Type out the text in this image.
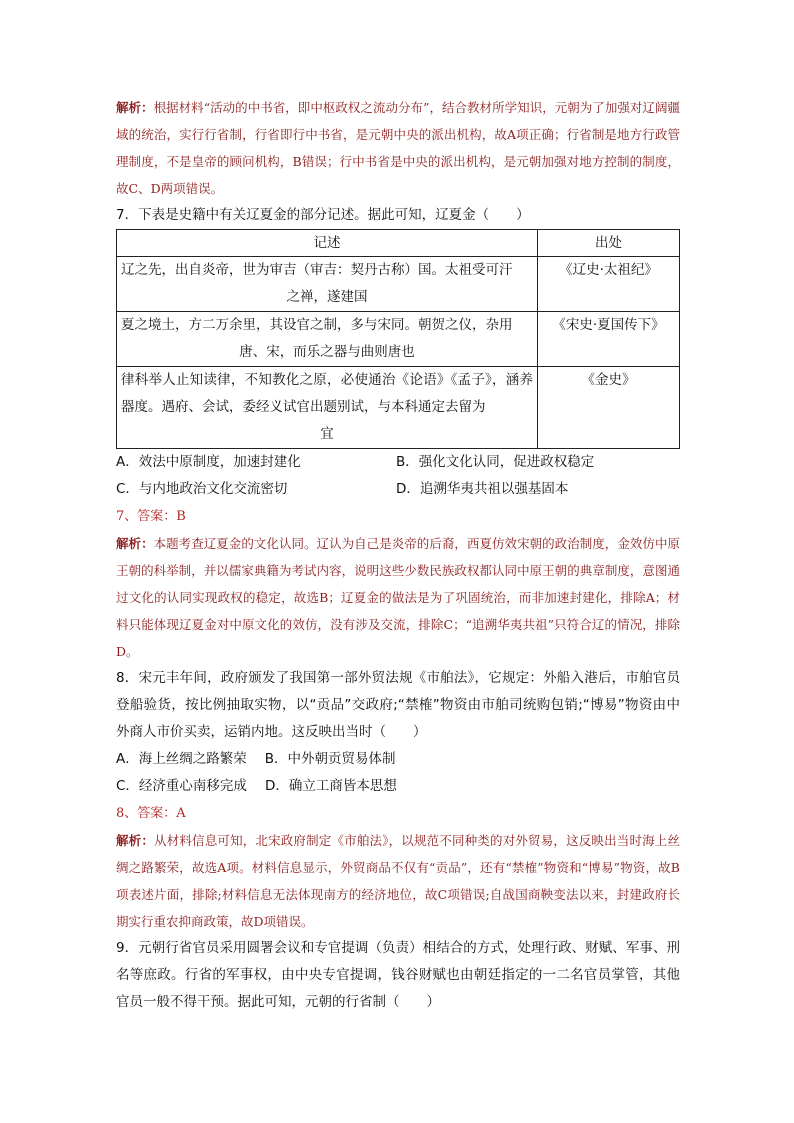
解析：根据材料“活动的中书省，即中枢政权之流动分布”，结合教材所学知识，元朝为了加强对辽阔疆域的统治，实行行省制，行省即行中书省，是元朝中央的派出机构，故A项正确；行省制是地方行政管理制度，不是皇帝的顾问机构，B错误；行中书省是中央的派出机构，是元朝加强对地方控制的制度，故C、D两项错误。

7．下表是史籍中有关辽夏金的部分记述。据此可知，辽夏金（　　）

记述	出处
辽之先，出自炎帝，世为审吉（审吉：契丹古称）国。太祖受可汗
之禅，遂建国	《辽史·太祖纪》
夏之境土，方二万余里，其设官之制，多与宋同。朝贺之仪，杂用
唐、宋，而乐之器与曲则唐也	《宋史·夏国传下》
律科举人止知读律，不知教化之原，必使通治《论语》《孟子》，涵养器度。遇府、会试，委经义试官出题别试，与本科通定去留为
宜	《金史》
A．效法中原制度，加速封建化	B．强化文化认同，促进政权稳定
C．与内地政治文化交流密切	D．追溯华夷共祖以强基固本

7、答案：B

解析：本题考查辽夏金的文化认同。辽认为自己是炎帝的后裔，西夏仿效宋朝的政治制度，金效仿中原王朝的科举制，并以儒家典籍为考试内容，说明这些少数民族政权都认同中原王朝的典章制度，意图通过文化的认同实现政权的稳定，故选B；辽夏金的做法是为了巩固统治，而非加速封建化，排除A；材料只能体现辽夏金对中原文化的效仿，没有涉及交流，排除C；“追溯华夷共祖”只符合辽的情况，排除D。

8．宋元丰年间，政府颁发了我国第一部外贸法规《市舶法》，它规定：外船入港后，市舶官员登船验货，按比例抽取实物，以“贡品”交政府;“禁榷”物资由市舶司统购包销;“博易”物资由中外商人市价买卖，运销内地。这反映出当时（　　）

A．海上丝绸之路繁荣 B．中外朝贡贸易体制
C．经济重心南移完成 D．确立工商皆本思想

8、答案：A

解析：从材料信息可知，北宋政府制定《市舶法》，以规范不同种类的对外贸易，这反映出当时海上丝绸之路繁荣，故选A项。材料信息显示，外贸商品不仅有“贡品”，还有“禁榷”物资和“博易”物资，故B项表述片面，排除;材料信息无法体现南方的经济地位，故C项错误;自战国商鞅变法以来，封建政府长期实行重农抑商政策，故D项错误。

9．元朝行省官员采用圆署会议和专官提调（负责）相结合的方式，处理行政、财赋、军事、刑名等庶政。行省的军事权，由中央专官提调，钱谷财赋也由朝廷指定的一二名官员掌管，其他官员一般不得干预。据此可知，元朝的行省制（　　）
